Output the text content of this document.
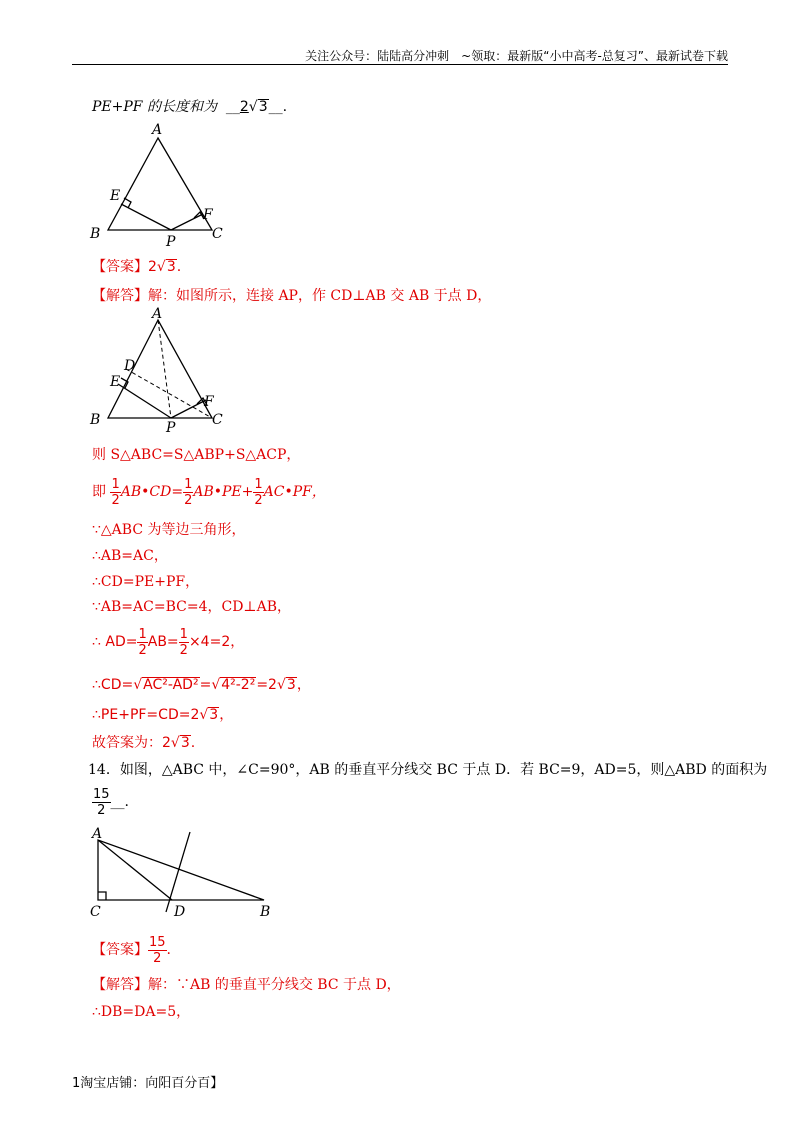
关注公众号：陆陆高分冲刺　~领取：最新版“小中高考-总复习”、最新试卷下载
PE+PF 的长度和为  __2√3__.
A
B	C
E
F
P
【答案】2√3.
【解答】解：如图所示，连接 AP，作 CD⊥AB 交 AB 于点 D，
A
B	C
D
E
F
P
则 S△ABC=S△ABP+S△ACP，
即 $\frac{1}{2}$ AB•CD= $\frac{1}{2}$ AB•PE+ $\frac{1}{2}$ AC•PF，
∵△ABC 为等边三角形，
∴AB=AC，
∴CD=PE+PF，
∵AB=AC=BC=4，CD⊥AB，
∴ $AD= \frac{1}{2} AB= \frac{1}{2} \times 4=2$，
∴CD=√AC²-AD²=√4²-2²=2√3，
∴PE+PF=CD=2√3，
故答案为：2√3.
14．如图，△ABC 中，∠C=90°，AB 的垂直平分线交 BC 于点 D．若 BC=9，AD=5，则△ABD 的面积为
$\frac{15}{2}$ __.
A
C	D	B
【答案】 $\frac{15}{2}$ .
【解答】解：∵AB 的垂直平分线交 BC 于点 D，
∴DB=DA=5，
1​淘宝店铺：向阳百分百】
